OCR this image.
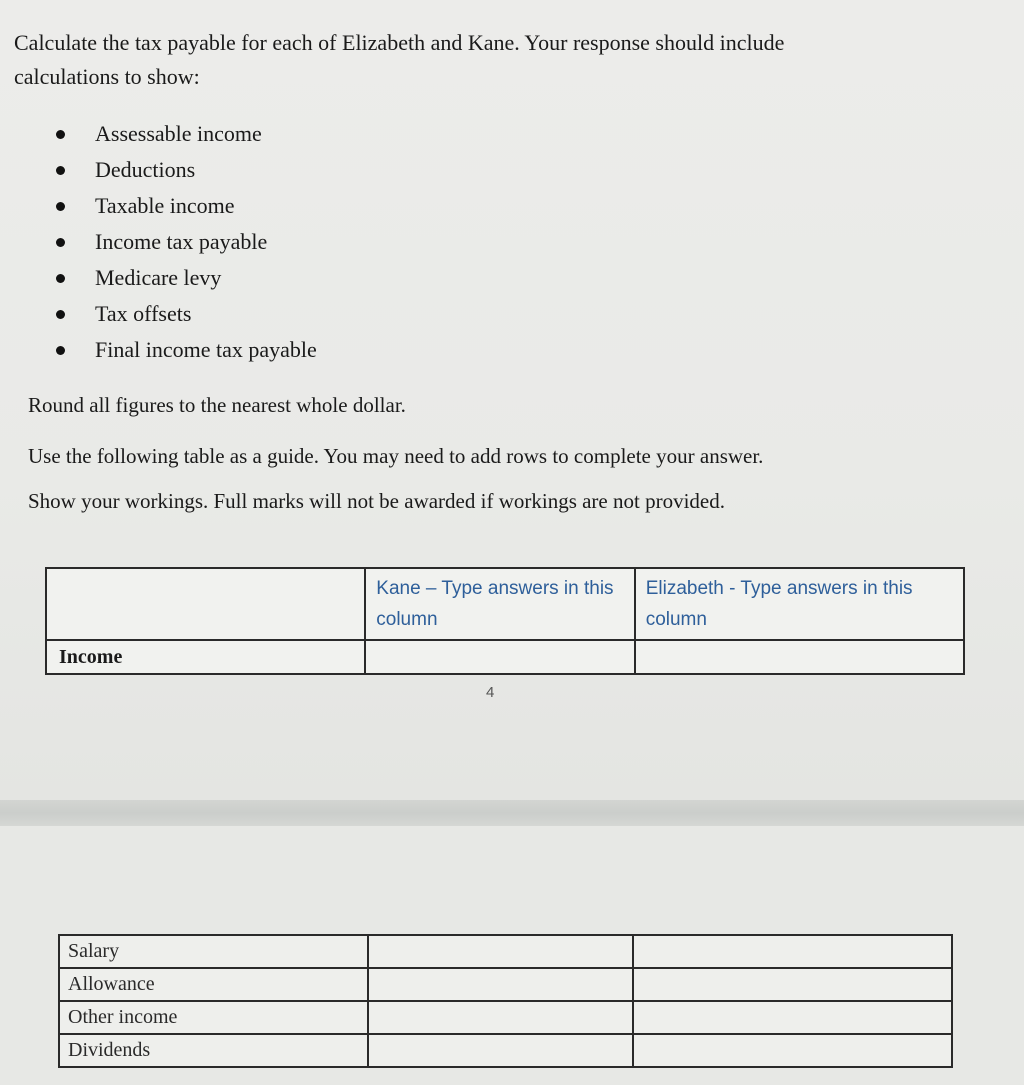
Calculate the tax payable for each of Elizabeth and Kane. Your response should include
calculations to show:
Assessable income
Deductions
Taxable income
Income tax payable
Medicare levy
Tax offsets
Final income tax payable
Round all figures to the nearest whole dollar.
Use the following table as a guide. You may need to add rows to complete your answer.
Show your workings. Full marks will not be awarded if workings are not provided.
	Kane – Type answers in this column	Elizabeth - Type answers in this column
Income		
4
Salary		
Allowance		
Other income		
Dividends		
